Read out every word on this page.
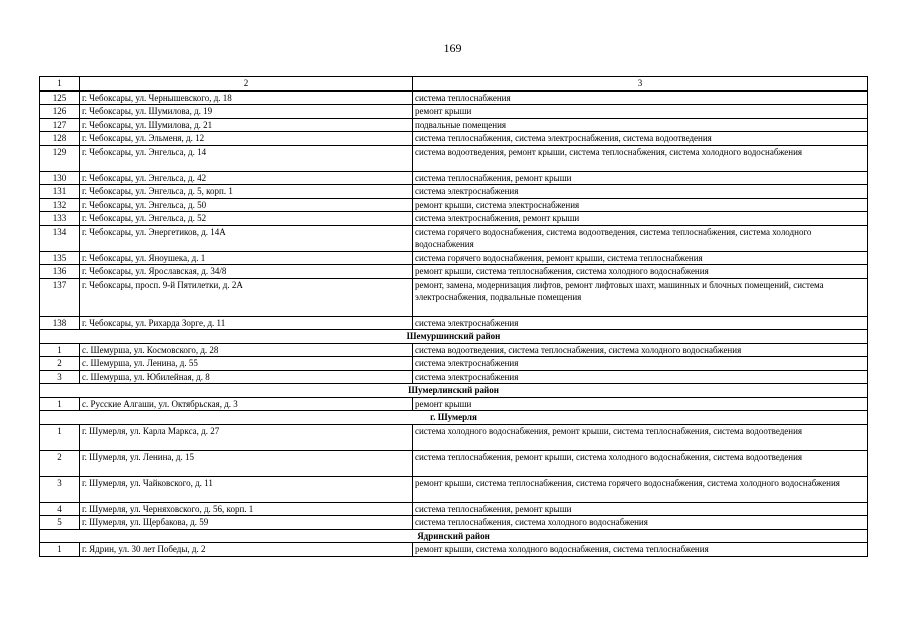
169
1	2	3
125	г. Чебоксары, ул. Чернышевского, д. 18	система теплоснабжения
126	г. Чебоксары, ул. Шумилова, д. 19	ремонт крыши
127	г. Чебоксары, ул. Шумилова, д. 21	подвальные помещения
128	г. Чебоксары, ул. Эльменя, д. 12	система теплоснабжения, система электроснабжения, система водоотведения
129	г. Чебоксары, ул. Энгельса, д. 14	система водоотведения, ремонт крыши, система теплоснабжения, система холодного водоснабжения
130	г. Чебоксары, ул. Энгельса, д. 42	система теплоснабжения, ремонт крыши
131	г. Чебоксары, ул. Энгельса, д. 5, корп. 1	система электроснабжения
132	г. Чебоксары, ул. Энгельса, д. 50	ремонт крыши, система электроснабжения
133	г. Чебоксары, ул. Энгельса, д. 52	система электроснабжения, ремонт крыши
134	г. Чебоксары, ул. Энергетиков, д. 14А	система горячего водоснабжения, система водоотведения, система теплоснабжения, система холодного водоснабжения
135	г. Чебоксары, ул. Яноушека, д. 1	система горячего водоснабжения, ремонт крыши, система теплоснабжения
136	г. Чебоксары, ул. Ярославская, д. 34/8	ремонт крыши, система теплоснабжения, система холодного водоснабжения
137	г. Чебоксары, просп. 9-й Пятилетки, д. 2А	ремонт, замена, модернизация лифтов, ремонт лифтовых шахт, машинных и блочных помещений, система электроснабжения, подвальные помещения
138	г. Чебоксары, ул. Рихарда Зорге, д. 11	система электроснабжения
Шемуршинский район		
1	с. Шемурша, ул. Космовского, д. 28	система водоотведения, система теплоснабжения, система холодного водоснабжения
2	с. Шемурша, ул. Ленина, д. 55	система электроснабжения
3	с. Шемурша, ул. Юбилейная, д. 8	система электроснабжения
Шумерлинский район		
1	с. Русские Алгаши, ул. Октябрьская, д. 3	ремонт крыши
г. Шумерля		
1	г. Шумерля, ул. Карла Маркса, д. 27	система холодного водоснабжения, ремонт крыши, система теплоснабжения, система водоотведения
2	г. Шумерля, ул. Ленина, д. 15	система теплоснабжения, ремонт крыши, система холодного водоснабжения, система водоотведения
3	г. Шумерля, ул. Чайковского, д. 11	ремонт крыши, система теплоснабжения, система горячего водоснабжения, система холодного водоснабжения
4	г. Шумерля, ул. Черняховского, д. 56, корп. 1	система теплоснабжения, ремонт крыши
5	г. Шумерля, ул. Щербакова, д. 59	система теплоснабжения, система холодного водоснабжения
Ядринский район		
1	г. Ядрин, ул. 30 лет Победы, д. 2	ремонт крыши, система холодного водоснабжения, система теплоснабжения
